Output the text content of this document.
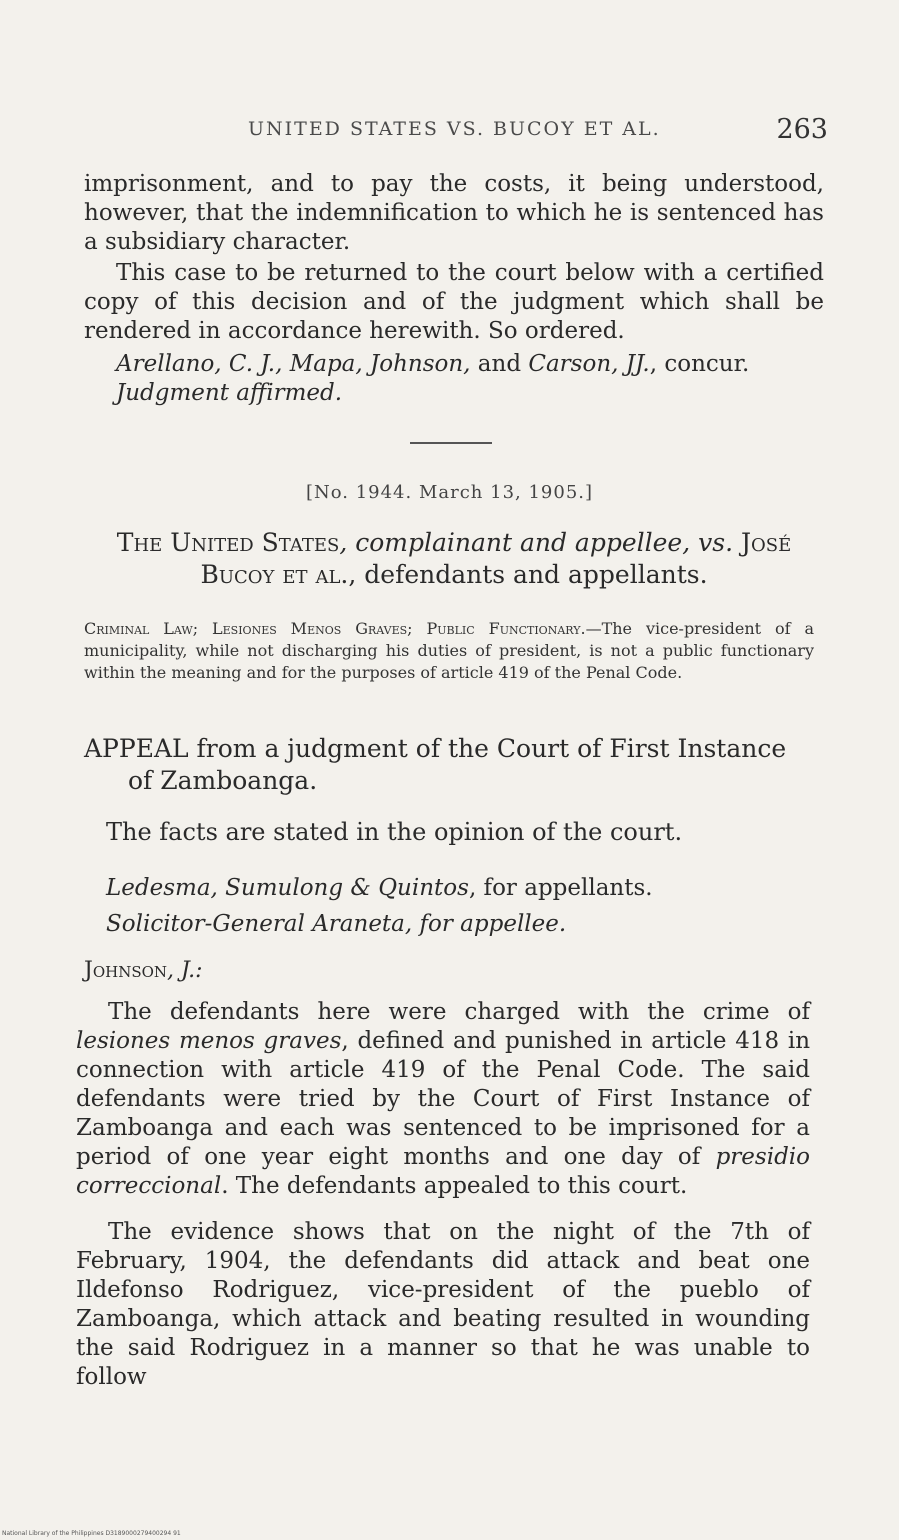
UNITED STATES VS. BUCOY ET AL.	263

imprisonment, and to pay the costs, it being understood, however, that the indemnification to which he is sentenced has a subsidiary character.

This case to be returned to the court below with a certified copy of this decision and of the judgment which shall be rendered in accordance herewith. So ordered.

Arellano, C. J., Mapa, Johnson, and Carson, JJ., concur.

Judgment affirmed.

[No. 1944. March 13, 1905.]
The United States, complainant and appellee, vs. José Bucoy et al., defendants and appellants.
Criminal Law; Lesiones Menos Graves; Public Functionary.—The vice-president of a municipality, while not discharging his duties of president, is not a public functionary within the meaning and for the purposes of article 419 of the Penal Code.
APPEAL from a judgment of the Court of First Instance of Zamboanga.
The facts are stated in the opinion of the court.
Ledesma, Sumulong & Quintos, for appellants.
Solicitor-General Araneta, for appellee.
Johnson, J.:

The defendants here were charged with the crime of lesiones menos graves, defined and punished in article 418 in connection with article 419 of the Penal Code. The said defendants were tried by the Court of First Instance of Zamboanga and each was sentenced to be imprisoned for a period of one year eight months and one day of presidio correccional. The defendants appealed to this court.

The evidence shows that on the night of the 7th of February, 1904, the defendants did attack and beat one Ildefonso Rodriguez, vice-president of the pueblo of Zamboanga, which attack and beating resulted in wounding the said Rodriguez in a manner so that he was unable to follow

National Library of the Philippines D3189000279400294 91
